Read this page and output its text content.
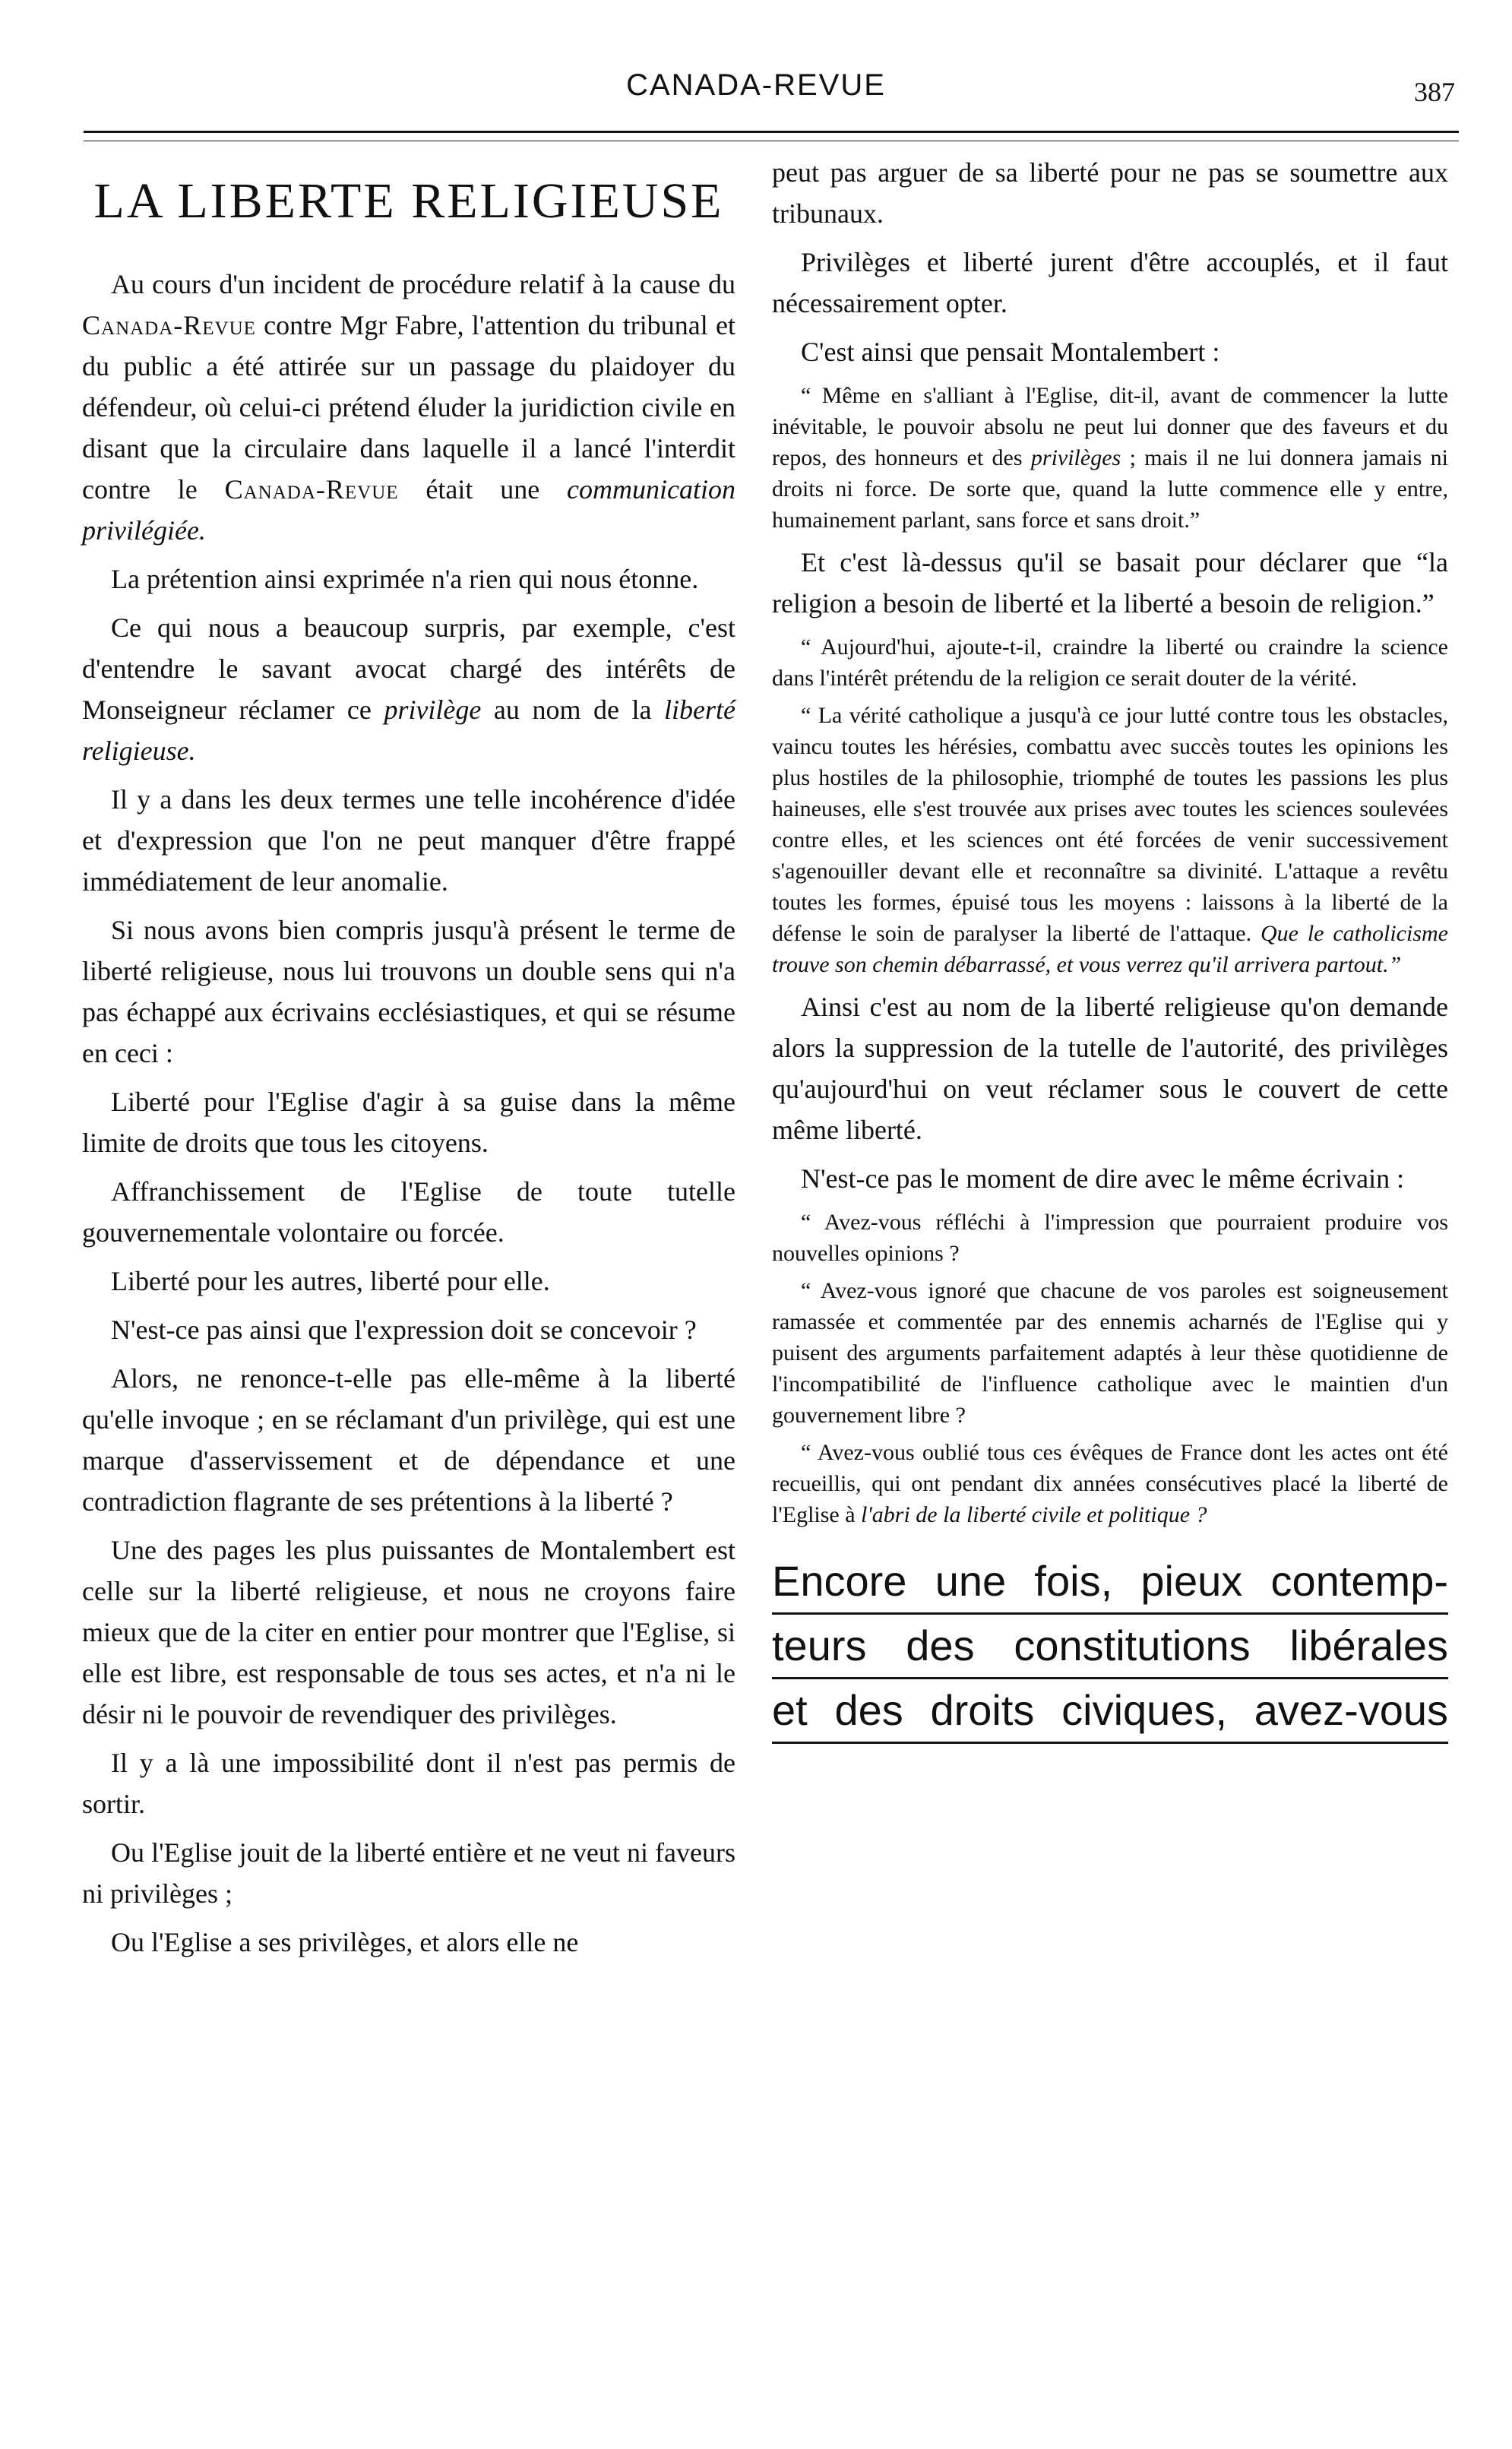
CANADA-REVUE	387
LA LIBERTE RELIGIEUSE

Au cours d'un incident de procédure relatif à la cause du Canada-Revue contre Mgr Fabre, l'attention du tribunal et du public a été attirée sur un passage du plaidoyer du défendeur, où celui-ci prétend éluder la juridiction civile en disant que la circulaire dans laquelle il a lancé l'interdit contre le Canada-Revue était une communication privilégiée.

La prétention ainsi exprimée n'a rien qui nous étonne.

Ce qui nous a beaucoup surpris, par exemple, c'est d'entendre le savant avocat chargé des intérêts de Monseigneur réclamer ce privilège au nom de la liberté religieuse.

Il y a dans les deux termes une telle incohérence d'idée et d'expression que l'on ne peut manquer d'être frappé immédiatement de leur anomalie.

Si nous avons bien compris jusqu'à présent le terme de liberté religieuse, nous lui trouvons un double sens qui n'a pas échappé aux écrivains ecclésiastiques, et qui se résume en ceci :

Liberté pour l'Eglise d'agir à sa guise dans la même limite de droits que tous les citoyens.

Affranchissement de l'Eglise de toute tutelle gouvernementale volontaire ou forcée.

Liberté pour les autres, liberté pour elle.

N'est-ce pas ainsi que l'expression doit se concevoir ?

Alors, ne renonce-t-elle pas elle-même à la liberté qu'elle invoque ; en se réclamant d'un privilège, qui est une marque d'asservissement et de dépendance et une contradiction flagrante de ses prétentions à la liberté ?

Une des pages les plus puissantes de Montalembert est celle sur la liberté religieuse, et nous ne croyons faire mieux que de la citer en entier pour montrer que l'Eglise, si elle est libre, est responsable de tous ses actes, et n'a ni le désir ni le pouvoir de revendiquer des privilèges.

Il y a là une impossibilité dont il n'est pas permis de sortir.

Ou l'Eglise jouit de la liberté entière et ne veut ni faveurs ni privilèges ;

Ou l'Eglise a ses privilèges, et alors elle ne

peut pas arguer de sa liberté pour ne pas se soumettre aux tribunaux.

Privilèges et liberté jurent d'être accouplés, et il faut nécessairement opter.

C'est ainsi que pensait Montalembert :

“ Même en s'alliant à l'Eglise, dit-il, avant de commencer la lutte inévitable, le pouvoir absolu ne peut lui donner que des faveurs et du repos, des honneurs et des privilèges ; mais il ne lui donnera jamais ni droits ni force. De sorte que, quand la lutte commence elle y entre, humainement parlant, sans force et sans droit.”

Et c'est là-dessus qu'il se basait pour déclarer que “la religion a besoin de liberté et la liberté a besoin de religion.”

“ Aujourd'hui, ajoute-t-il, craindre la liberté ou craindre la science dans l'intérêt prétendu de la religion ce serait douter de la vérité.

“ La vérité catholique a jusqu'à ce jour lutté contre tous les obstacles, vaincu toutes les hérésies, combattu avec succès toutes les opinions les plus hostiles de la philosophie, triomphé de toutes les passions les plus haineuses, elle s'est trouvée aux prises avec toutes les sciences soulevées contre elles, et les sciences ont été forcées de venir successivement s'agenouiller devant elle et reconnaître sa divinité. L'attaque a revêtu toutes les formes, épuisé tous les moyens : laissons à la liberté de la défense le soin de paralyser la liberté de l'attaque. Que le catholicisme trouve son chemin débarrassé, et vous verrez qu'il arrivera partout.”

Ainsi c'est au nom de la liberté religieuse qu'on demande alors la suppression de la tutelle de l'autorité, des privilèges qu'aujourd'hui on veut réclamer sous le couvert de cette même liberté.

N'est-ce pas le moment de dire avec le même écrivain :

“ Avez-vous réfléchi à l'impression que pourraient produire vos nouvelles opinions ?

“ Avez-vous ignoré que chacune de vos paroles est soigneusement ramassée et commentée par des ennemis acharnés de l'Eglise qui y puisent des arguments parfaitement adaptés à leur thèse quotidienne de l'incompatibilité de l'influence catholique avec le maintien d'un gouvernement libre ?

“ Avez-vous oublié tous ces évêques de France dont les actes ont été recueillis, qui ont pendant dix années consécutives placé la liberté de l'Eglise à l'abri de la liberté civile et politique ?

Encore une fois, pieux contemp-
teurs des constitutions libérales
et des droits civiques, avez-vous
